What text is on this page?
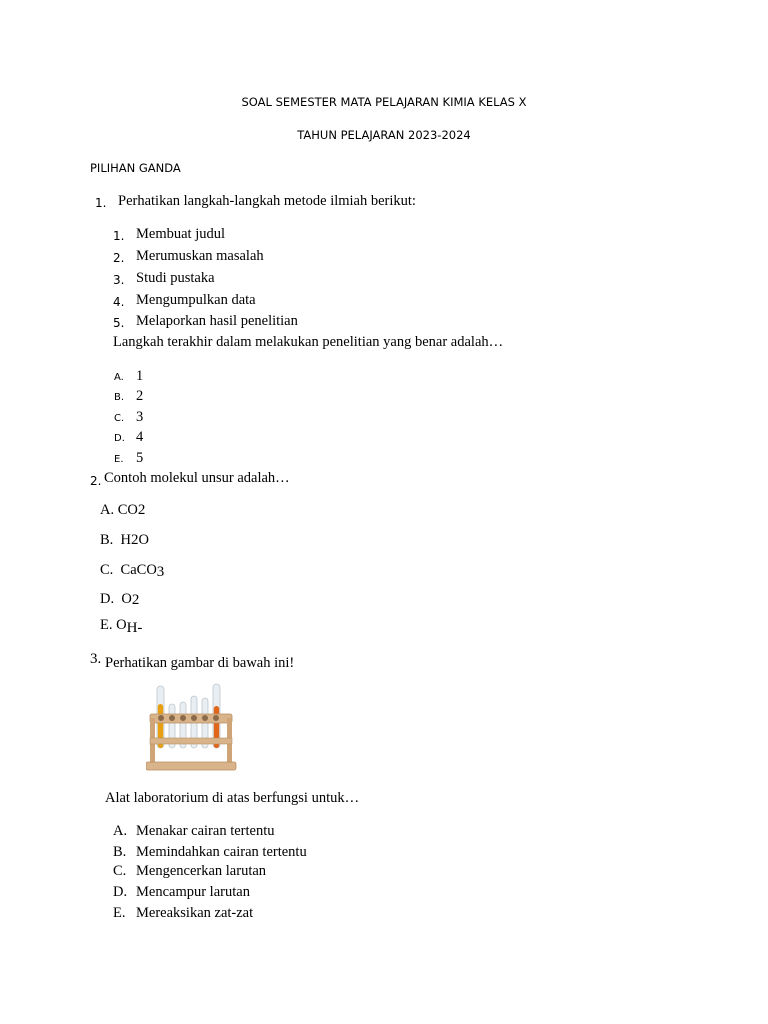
SOAL SEMESTER MATA PELAJARAN KIMIA KELAS X
TAHUN PELAJARAN 2023-2024
PILIHAN GANDA
1. Perhatikan langkah-langkah metode ilmiah berikut:
1. Membuat judul
2. Merumuskan masalah
3. Studi pustaka
4. Mengumpulkan data
5. Melaporkan hasil penelitian
Langkah terakhir dalam melakukan penelitian yang benar adalah…
A. 1
B. 2
C. 3
D. 4
E. 5
2. Contoh molekul unsur adalah…
A. CO2
B. H2O
C. CaCO3
D. O2
E. OH-
3. Perhatikan gambar di bawah ini!
Alat laboratorium di atas berfungsi untuk…
A. Menakar cairan tertentu
B. Memindahkan cairan tertentu
C. Mengencerkan larutan
D. Mencampur larutan
E. Mereaksikan zat-zat
